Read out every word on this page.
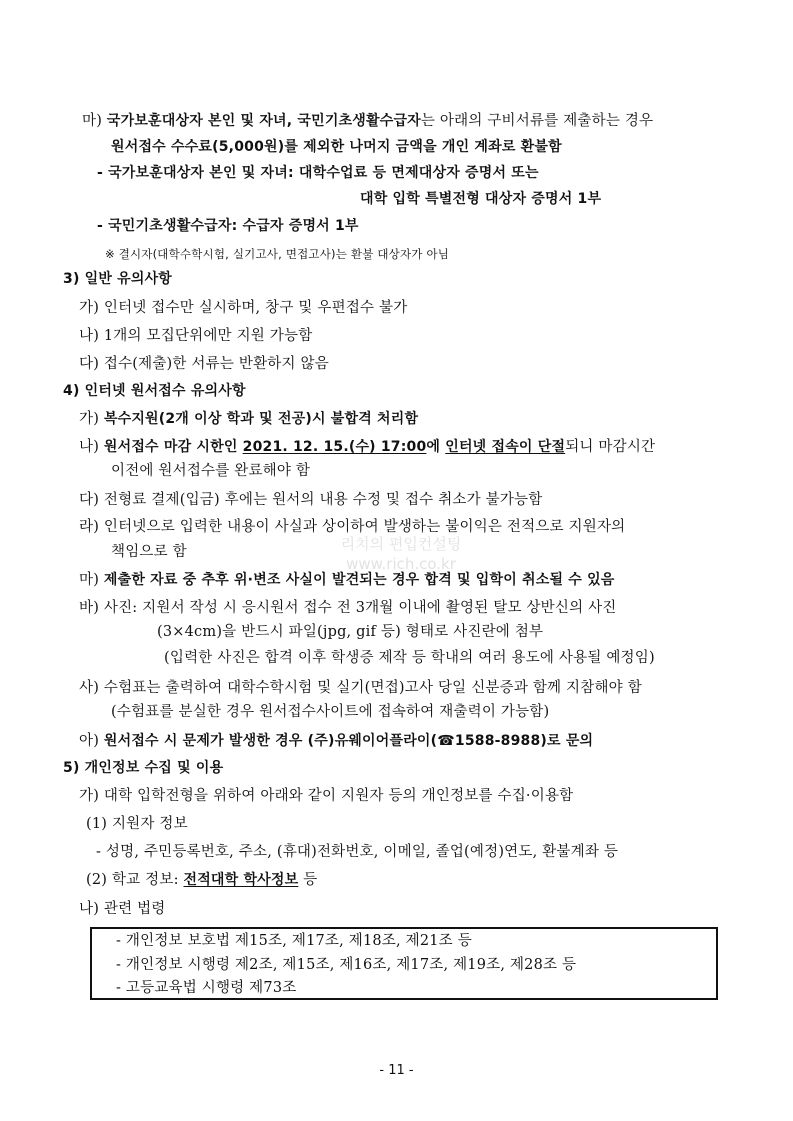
마) 국가보훈대상자 본인 및 자녀, 국민기초생활수급자는 아래의 구비서류를 제출하는 경우
원서접수 수수료(5,000원)를 제외한 나머지 금액을 개인 계좌로 환불함
- 국가보훈대상자 본인 및 자녀: 대학수업료 등 면제대상자 증명서 또는
대학 입학 특별전형 대상자 증명서 1부
- 국민기초생활수급자: 수급자 증명서 1부
※ 결시자(대학수학시험, 실기고사, 면접고사)는 환불 대상자가 아님
3) 일반 유의사항
가) 인터넷 접수만 실시하며, 창구 및 우편접수 불가
나) 1개의 모집단위에만 지원 가능함
다) 접수(제출)한 서류는 반환하지 않음
4) 인터넷 원서접수 유의사항
가) 복수지원(2개 이상 학과 및 전공)시 불합격 처리함
나) 원서접수 마감 시한인 2021. 12. 15.(수) 17:00에 인터넷 접속이 단절되니 마감시간
이전에 원서접수를 완료해야 함
다) 전형료 결제(입금) 후에는 원서의 내용 수정 및 접수 취소가 불가능함
라) 인터넷으로 입력한 내용이 사실과 상이하여 발생하는 불이익은 전적으로 지원자의
책임으로 함
마) 제출한 자료 중 추후 위·변조 사실이 발견되는 경우 합격 및 입학이 취소될 수 있음
바) 사진: 지원서 작성 시 응시원서 접수 전 3개월 이내에 촬영된 탈모 상반신의 사진
(3×4cm)을 반드시 파일(jpg, gif 등) 형태로 사진란에 첨부
(입력한 사진은 합격 이후 학생증 제작 등 학내의 여러 용도에 사용될 예정임)
사) 수험표는 출력하여 대학수학시험 및 실기(면접)고사 당일 신분증과 함께 지참해야 함
(수험표를 분실한 경우 원서접수사이트에 접속하여 재출력이 가능함)
아) 원서접수 시 문제가 발생한 경우 (주)유웨이어플라이(☎1588-8988)로 문의
5) 개인정보 수집 및 이용
가) 대학 입학전형을 위하여 아래와 같이 지원자 등의 개인정보를 수집·이용함
(1) 지원자 정보
- 성명, 주민등록번호, 주소, (휴대)전화번호, 이메일, 졸업(예정)연도, 환불계좌 등
(2) 학교 정보: 전적대학 학사정보 등
나) 관련 법령
- 개인정보 보호법 제15조, 제17조, 제18조, 제21조 등
- 개인정보 시행령 제2조, 제15조, 제16조, 제17조, 제19조, 제28조 등
- 고등교육법 시행령 제73조
리치의 편입컨설팅
www.rich.co.kr
- 11 -
